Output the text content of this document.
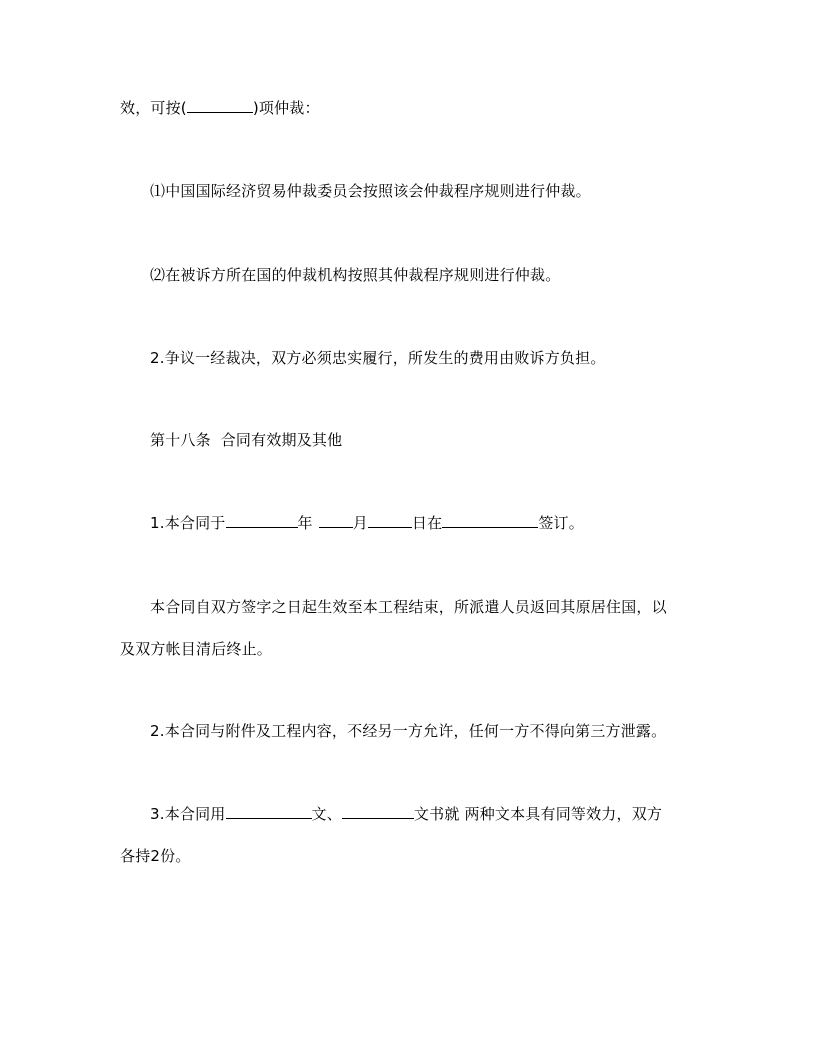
效，可按(	)项仲裁：
⑴中国国际经济贸易仲裁委员会按照该会仲裁程序规则进行仲裁。
⑵在被诉方所在国的仲裁机构按照其仲裁程序规则进行仲裁。
2.争议一经裁决，双方必须忠实履行，所发生的费用由败诉方负担。
第十八条  合同有效期及其他
1.本合同于	年	月	日在	签订。
本合同自双方签字之日起生效至本工程结束，所派遣人员返回其原居住国，以
及双方帐目清后终止。
2.本合同与附件及工程内容，不经另一方允许，任何一方不得向第三方泄露。
3.本合同用	文、	文书就 两种文本具有同等效力，双方
各持2份。
